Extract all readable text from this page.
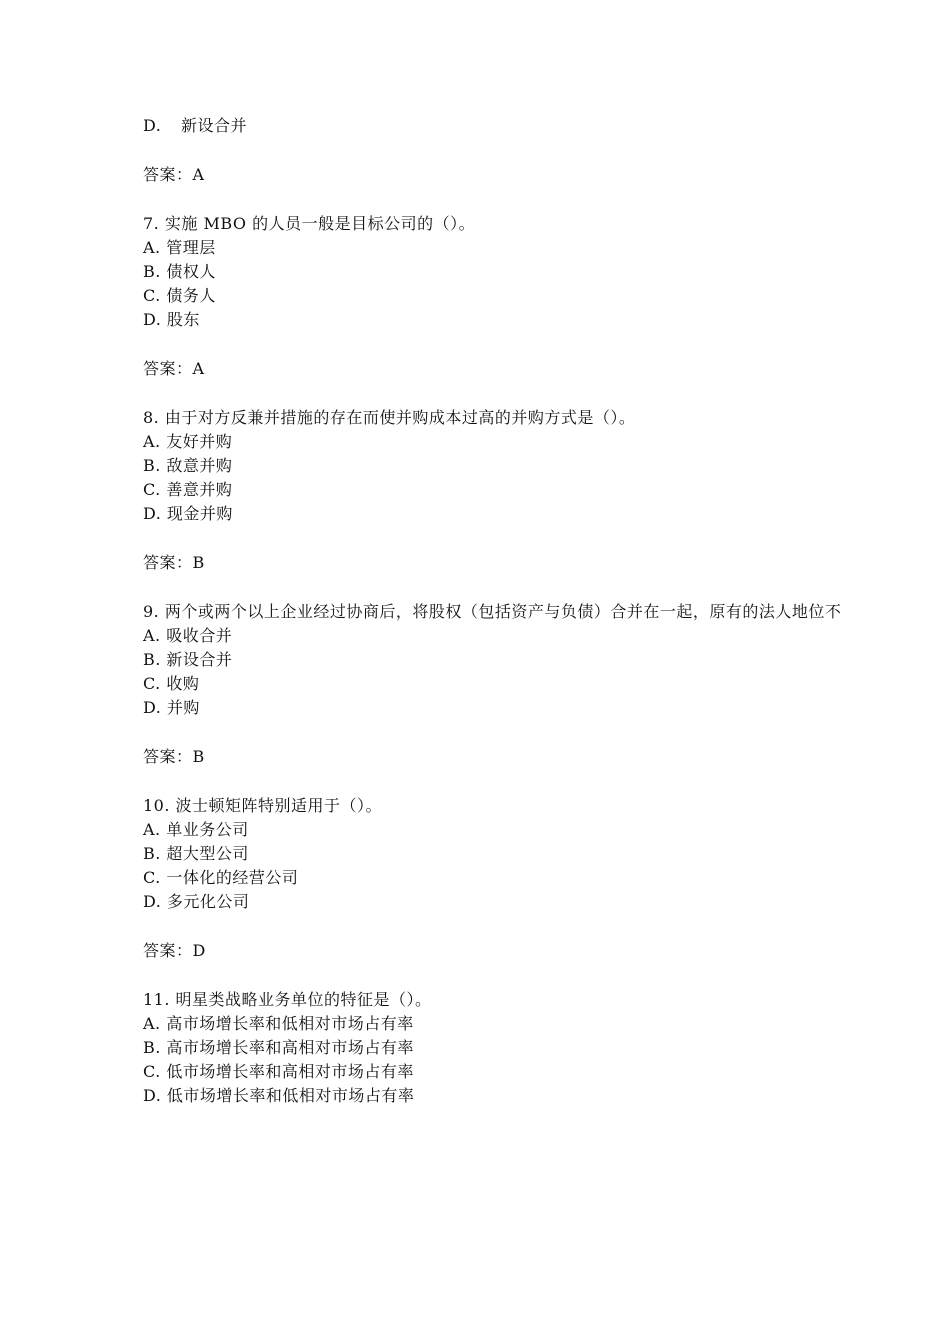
D. 新设合并
答案：A
7. 实施 MBO 的人员一般是目标公司的（）。
A. 管理层
B. 债权人
C. 债务人
D. 股东
答案：A
8. 由于对方反兼并措施的存在而使并购成本过高的并购方式是（）。
A. 友好并购
B. 敌意并购
C. 善意并购
D. 现金并购
答案：B
9. 两个或两个以上企业经过协商后，将股权（包括资产与负债）合并在一起，原有的法人地位不
A. 吸收合并
B. 新设合并
C. 收购
D. 并购
答案：B
10. 波士顿矩阵特别适用于（）。
A. 单业务公司
B. 超大型公司
C. 一体化的经营公司
D. 多元化公司
答案：D
11. 明星类战略业务单位的特征是（）。
A. 高市场增长率和低相对市场占有率
B. 高市场增长率和高相对市场占有率
C. 低市场增长率和高相对市场占有率
D. 低市场增长率和低相对市场占有率
